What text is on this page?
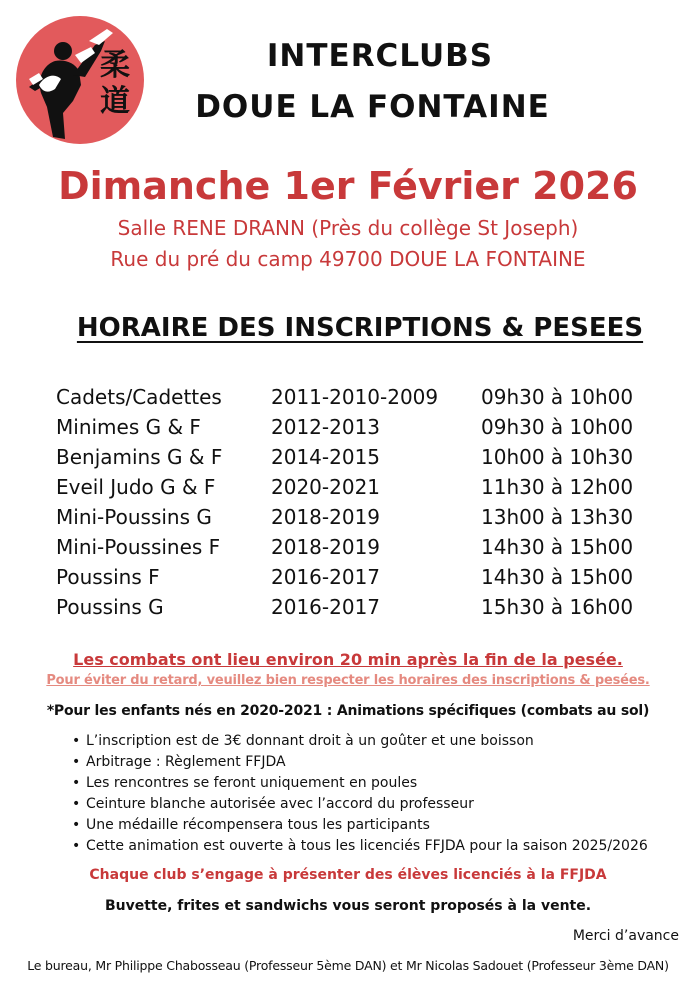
柔
道
INTERCLUBS
DOUE LA FONTAINE
Dimanche 1er Février 2026
Salle RENE DRANN (Près du collège St Joseph)
Rue du pré du camp 49700 DOUE LA FONTAINE
HORAIRE DES INSCRIPTIONS & PESEES
Cadets/Cadettes 2011-2010-2009 09h30 à 10h00
Minimes G & F	2012-2013	09h30 à 10h00
Benjamins G & F 2014-2015	10h00 à 10h30
Eveil Judo G & F	2020-2021	11h30 à 12h00
Mini-Poussins G	2018-2019	13h00 à 13h30
Mini-Poussines F	2018-2019	14h30 à 15h00
Poussins F	2016-2017	14h30 à 15h00
Poussins G	2016-2017	15h30 à 16h00
Les combats ont lieu environ 20 min après la fin de la pesée.
Pour éviter du retard, veuillez bien respecter les horaires des inscriptions & pesées.
*Pour les enfants nés en 2020-2021 : Animations spécifiques (combats au sol)
• L’inscription est de 3€ donnant droit à un goûter et une boisson
• Arbitrage : Règlement FFJDA
• Les rencontres se feront uniquement en poules
• Ceinture blanche autorisée avec l’accord du professeur
• Une médaille récompensera tous les participants
• Cette animation est ouverte à tous les licenciés FFJDA pour la saison 2025/2026
Chaque club s’engage à présenter des élèves licenciés à la FFJDA
Buvette, frites et sandwichs vous seront proposés à la vente.
Merci d’avance
Le bureau, Mr Philippe Chabosseau (Professeur 5ème DAN) et Mr Nicolas Sadouet (Professeur 3ème DAN)
